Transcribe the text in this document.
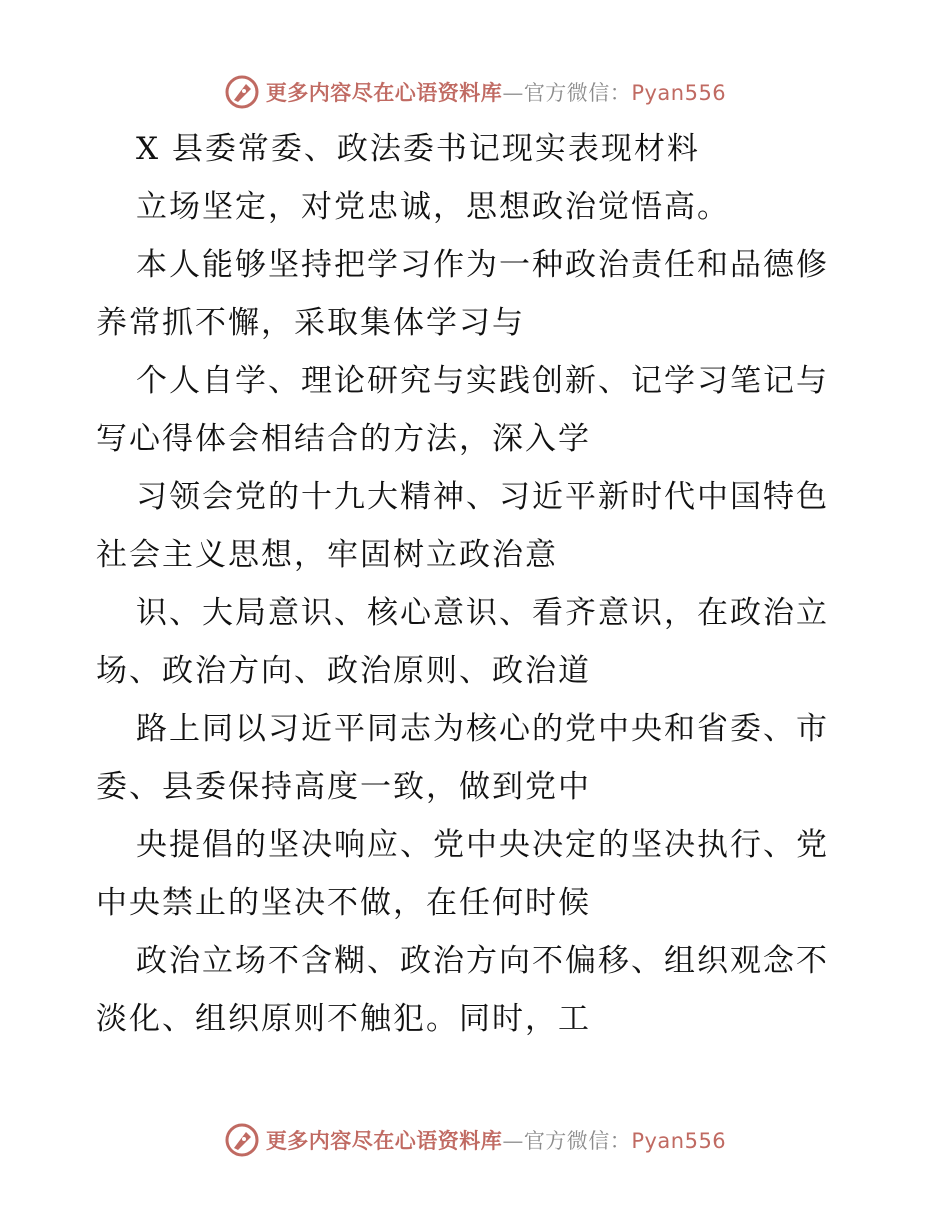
更多内容尽在心语资料库—官方微信：Pyan556
X 县委常委、政法委书记现实表现材料
立场坚定，对党忠诚，思想政治觉悟高。
本人能够坚持把学习作为一种政治责任和品德修
养常抓不懈，采取集体学习与
个人自学、理论研究与实践创新、记学习笔记与
写心得体会相结合的方法，深入学
习领会党的十九大精神、习近平新时代中国特色
社会主义思想，牢固树立政治意
识、大局意识、核心意识、看齐意识，在政治立
场、政治方向、政治原则、政治道
路上同以习近平同志为核心的党中央和省委、市
委、县委保持高度一致，做到党中
央提倡的坚决响应、党中央决定的坚决执行、党
中央禁止的坚决不做，在任何时候
政治立场不含糊、政治方向不偏移、组织观念不
淡化、组织原则不触犯。同时，工
更多内容尽在心语资料库—官方微信：Pyan556
